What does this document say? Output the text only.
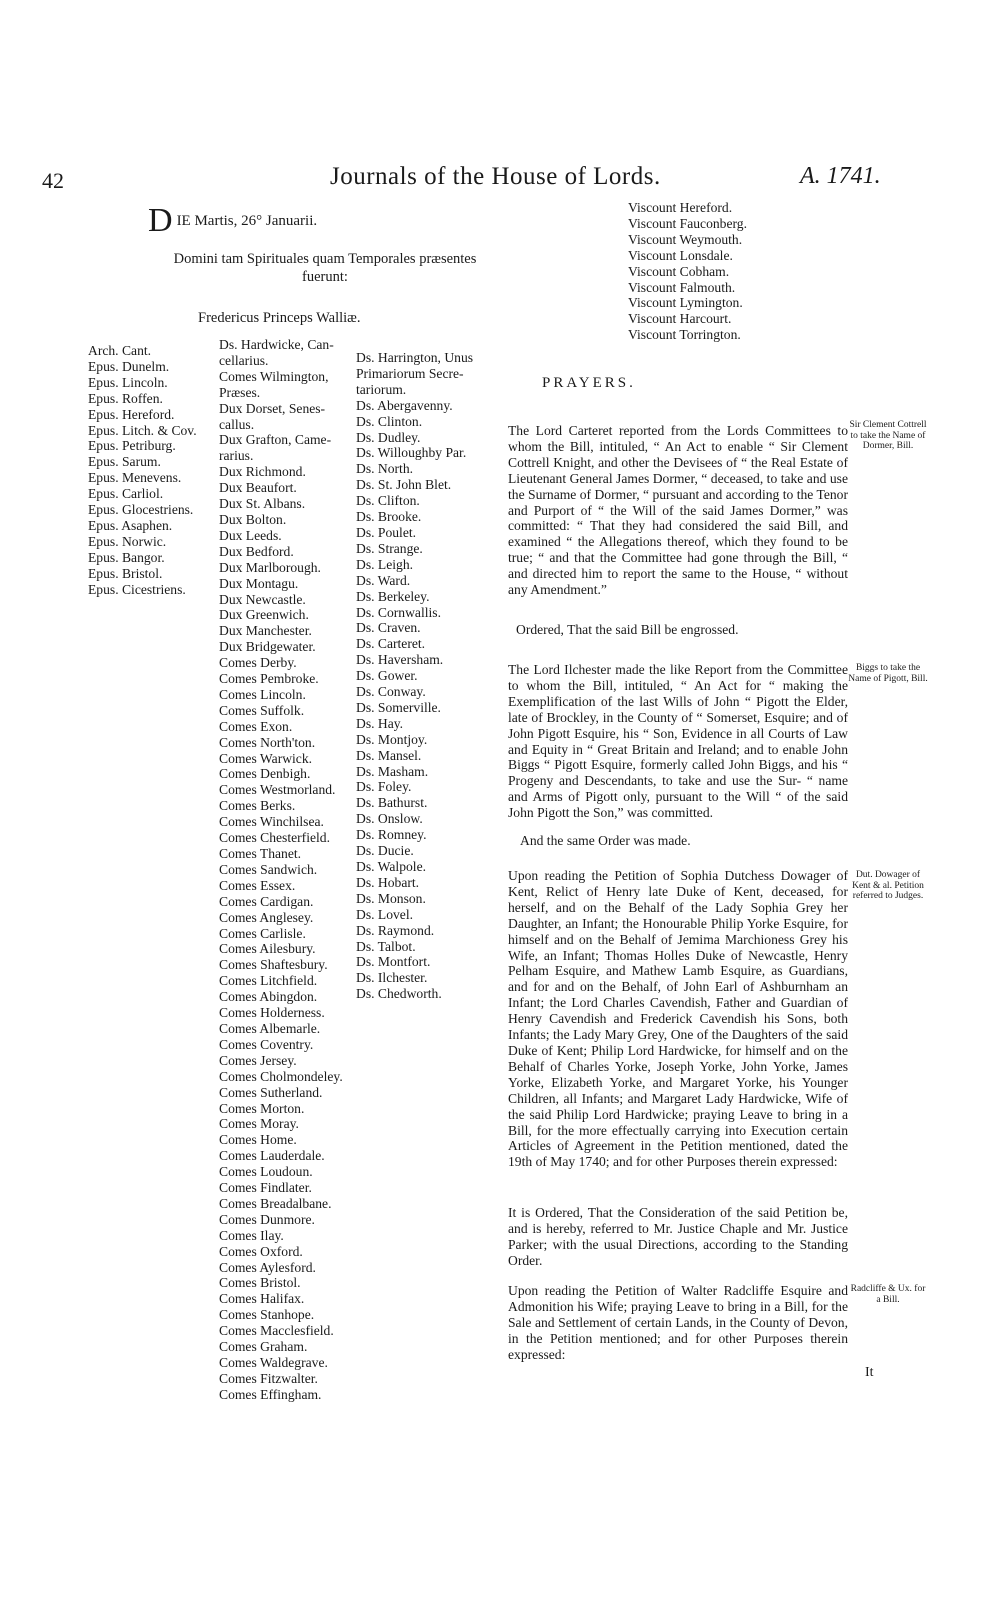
42	Journals of the House of Lords.	A. 1741.
DIE Martis, 26° Januarii.
Domini tam Spirituales quam Temporales præsentes fuerunt:
Fredericus Princeps Walliæ.
Arch. Cant.
Epus. Dunelm.
Epus. Lincoln.
Epus. Roffen.
Epus. Hereford.
Epus. Litch. & Cov.
Epus. Petriburg.
Epus. Sarum.
Epus. Menevens.
Epus. Carliol.
Epus. Glocestriens.
Epus. Asaphen.
Epus. Norwic.
Epus. Bangor.
Epus. Bristol.
Epus. Cicestriens.
Ds. Hardwicke, Can-
cellarius.
Comes Wilmington,
Præses.
Dux Dorset, Senes-
callus.
Dux Grafton, Came-
rarius.
Dux Richmond.
Dux Beaufort.
Dux St. Albans.
Dux Bolton.
Dux Leeds.
Dux Bedford.
Dux Marlborough.
Dux Montagu.
Dux Newcastle.
Dux Greenwich.
Dux Manchester.
Dux Bridgewater.
Comes Derby.
Comes Pembroke.
Comes Lincoln.
Comes Suffolk.
Comes Exon.
Comes North'ton.
Comes Warwick.
Comes Denbigh.
Comes Westmorland.
Comes Berks.
Comes Winchilsea.
Comes Chesterfield.
Comes Thanet.
Comes Sandwich.
Comes Essex.
Comes Cardigan.
Comes Anglesey.
Comes Carlisle.
Comes Ailesbury.
Comes Shaftesbury.
Comes Litchfield.
Comes Abingdon.
Comes Holderness.
Comes Albemarle.
Comes Coventry.
Comes Jersey.
Comes Cholmondeley.
Comes Sutherland.
Comes Morton.
Comes Moray.
Comes Home.
Comes Lauderdale.
Comes Loudoun.
Comes Findlater.
Comes Breadalbane.
Comes Dunmore.
Comes Ilay.
Comes Oxford.
Comes Aylesford.
Comes Bristol.
Comes Halifax.
Comes Stanhope.
Comes Macclesfield.
Comes Graham.
Comes Waldegrave.
Comes Fitzwalter.
Comes Effingham.
Ds. Harrington, Unus
Primariorum Secre-
tariorum.
Ds. Abergavenny.
Ds. Clinton.
Ds. Dudley.
Ds. Willoughby Par.
Ds. North.
Ds. St. John Blet.
Ds. Clifton.
Ds. Brooke.
Ds. Poulet.
Ds. Strange.
Ds. Leigh.
Ds. Ward.
Ds. Berkeley.
Ds. Cornwallis.
Ds. Craven.
Ds. Carteret.
Ds. Haversham.
Ds. Gower.
Ds. Conway.
Ds. Somerville.
Ds. Hay.
Ds. Montjoy.
Ds. Mansel.
Ds. Masham.
Ds. Foley.
Ds. Bathurst.
Ds. Onslow.
Ds. Romney.
Ds. Ducie.
Ds. Walpole.
Ds. Hobart.
Ds. Monson.
Ds. Lovel.
Ds. Raymond.
Ds. Talbot.
Ds. Montfort.
Ds. Ilchester.
Ds. Chedworth.
Viscount Hereford.
Viscount Fauconberg.
Viscount Weymouth.
Viscount Lonsdale.
Viscount Cobham.
Viscount Falmouth.
Viscount Lymington.
Viscount Harcourt.
Viscount Torrington.
PRAYERS.
The Lord Carteret reported from the Lords Committees to whom the Bill, intituled, “ An Act to enable “ Sir Clement Cottrell Knight, and other the Devisees of “ the Real Estate of Lieutenant General James Dormer, “ deceased, to take and use the Surname of Dormer, “ pursuant and according to the Tenor and Purport of “ the Will of the said James Dormer,” was committed: “ That they had considered the said Bill, and examined “ the Allegations thereof, which they found to be true; “ and that the Committee had gone through the Bill, “ and directed him to report the same to the House, “ without any Amendment.”
Ordered, That the said Bill be engrossed.
The Lord Ilchester made the like Report from the Committee to whom the Bill, intituled, “ An Act for “ making the Exemplification of the last Wills of John “ Pigott the Elder, late of Brockley, in the County of “ Somerset, Esquire; and of John Pigott Esquire, his “ Son, Evidence in all Courts of Law and Equity in “ Great Britain and Ireland; and to enable John Biggs “ Pigott Esquire, formerly called John Biggs, and his “ Progeny and Descendants, to take and use the Sur- “ name and Arms of Pigott only, pursuant to the Will “ of the said John Pigott the Son,” was committed.
And the same Order was made.
Upon reading the Petition of Sophia Dutchess Dowager of Kent, Relict of Henry late Duke of Kent, deceased, for herself, and on the Behalf of the Lady Sophia Grey her Daughter, an Infant; the Honourable Philip Yorke Esquire, for himself and on the Behalf of Jemima Marchioness Grey his Wife, an Infant; Thomas Holles Duke of Newcastle, Henry Pelham Esquire, and Mathew Lamb Esquire, as Guardians, and for and on the Behalf, of John Earl of Ashburnham an Infant; the Lord Charles Cavendish, Father and Guardian of Henry Cavendish and Frederick Cavendish his Sons, both Infants; the Lady Mary Grey, One of the Daughters of the said Duke of Kent; Philip Lord Hardwicke, for himself and on the Behalf of Charles Yorke, Joseph Yorke, John Yorke, James Yorke, Elizabeth Yorke, and Margaret Yorke, his Younger Children, all Infants; and Margaret Lady Hardwicke, Wife of the said Philip Lord Hardwicke; praying Leave to bring in a Bill, for the more effectually carrying into Execution certain Articles of Agreement in the Petition mentioned, dated the 19th of May 1740; and for other Purposes therein expressed:
It is Ordered, That the Consideration of the said Petition be, and is hereby, referred to Mr. Justice Chaple and Mr. Justice Parker; with the usual Directions, according to the Standing Order.
Upon reading the Petition of Walter Radcliffe Esquire and Admonition his Wife; praying Leave to bring in a Bill, for the Sale and Settlement of certain Lands, in the County of Devon, in the Petition mentioned; and for other Purposes therein expressed:
Sir Clement Cottrell to take the Name of Dormer, Bill.
Biggs to take the Name of Pigott, Bill.
Dut. Dowager of Kent & al. Petition referred to Judges.
Radcliffe & Ux. for a Bill.
It
